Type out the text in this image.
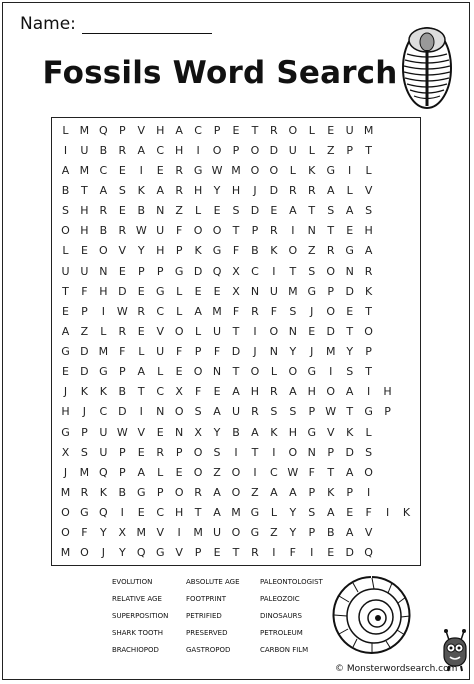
Name:
Fossils Word Search
L	M Q	P	V	H	A	C	P	E	T	R O	L	E	U M
I	U	B	R	A	C H	I	O	P	O D U	L	Z	P	T
A M C	E	I	E	R G W M O O	L	K	G	I	L
B	T	A	S	K	A	R H	Y	H	J	D R	R	A	L	V
S	H R	E	B	N	Z	L	E	S	D	E	A	T	S	A	S
O H	B	R W U	F	O O	T	P	R	I	N	T	E	H
L	E	O V	Y	H	P	K	G	F	B	K	O Z	R G A
U U N	E	P	P	G D Q X	C	I	T	S	O N	R
T	F	H D	E	G	L	E	E	X	N U M G	P	D	K
E	P	I	W R	C	L	A M	F	R	F	S	J	O	E	T
A	Z	L	R	E	V O	L	U	T	I	O N	E	D	T	O
G D M	F	L	U	F	P	F	D	J	N	Y	J	M Y	P
E	D G	P	A	L	E	O N	T	O	L	O G	I	S	T
J	K	K	B	T	C	X	F	E	A	H R	A	H O A	I	H
H	J	C D	I	N O	S	A	U	R	S	S	P W T	G	P
G	P	U W V	E	N	X	Y	B	A	K	H G V	K	L
X	S	U	P	E	R	P	O	S	I	T	I	O N	P	D	S
J	M Q	P	A	L	E	O Z O	I	C W F	T	A O
M R	K	B G	P	O R	A O Z	A	A	P	K	P	I
O G Q	I	E	C H	T	A M G	L	Y	S	A	E	F	I	K
O	F	Y	X M V	I	M U O G Z	Y	P	B	A	V
M O	J	Y	Q G V	P	E	T	R	I	F	I	E	D Q
EVOLUTION	ABSOLUTE AGE	PALEONTOLOGIST
RELATIVE AGE	FOOTPRINT	PALEOZOIC
SUPERPOSITION	PETRIFIED	DINOSAURS
SHARK TOOTH	PRESERVED	PETROLEUM
BRACHIOPOD	GASTROPOD	CARBON FILM
© Monsterwordsearch.com
